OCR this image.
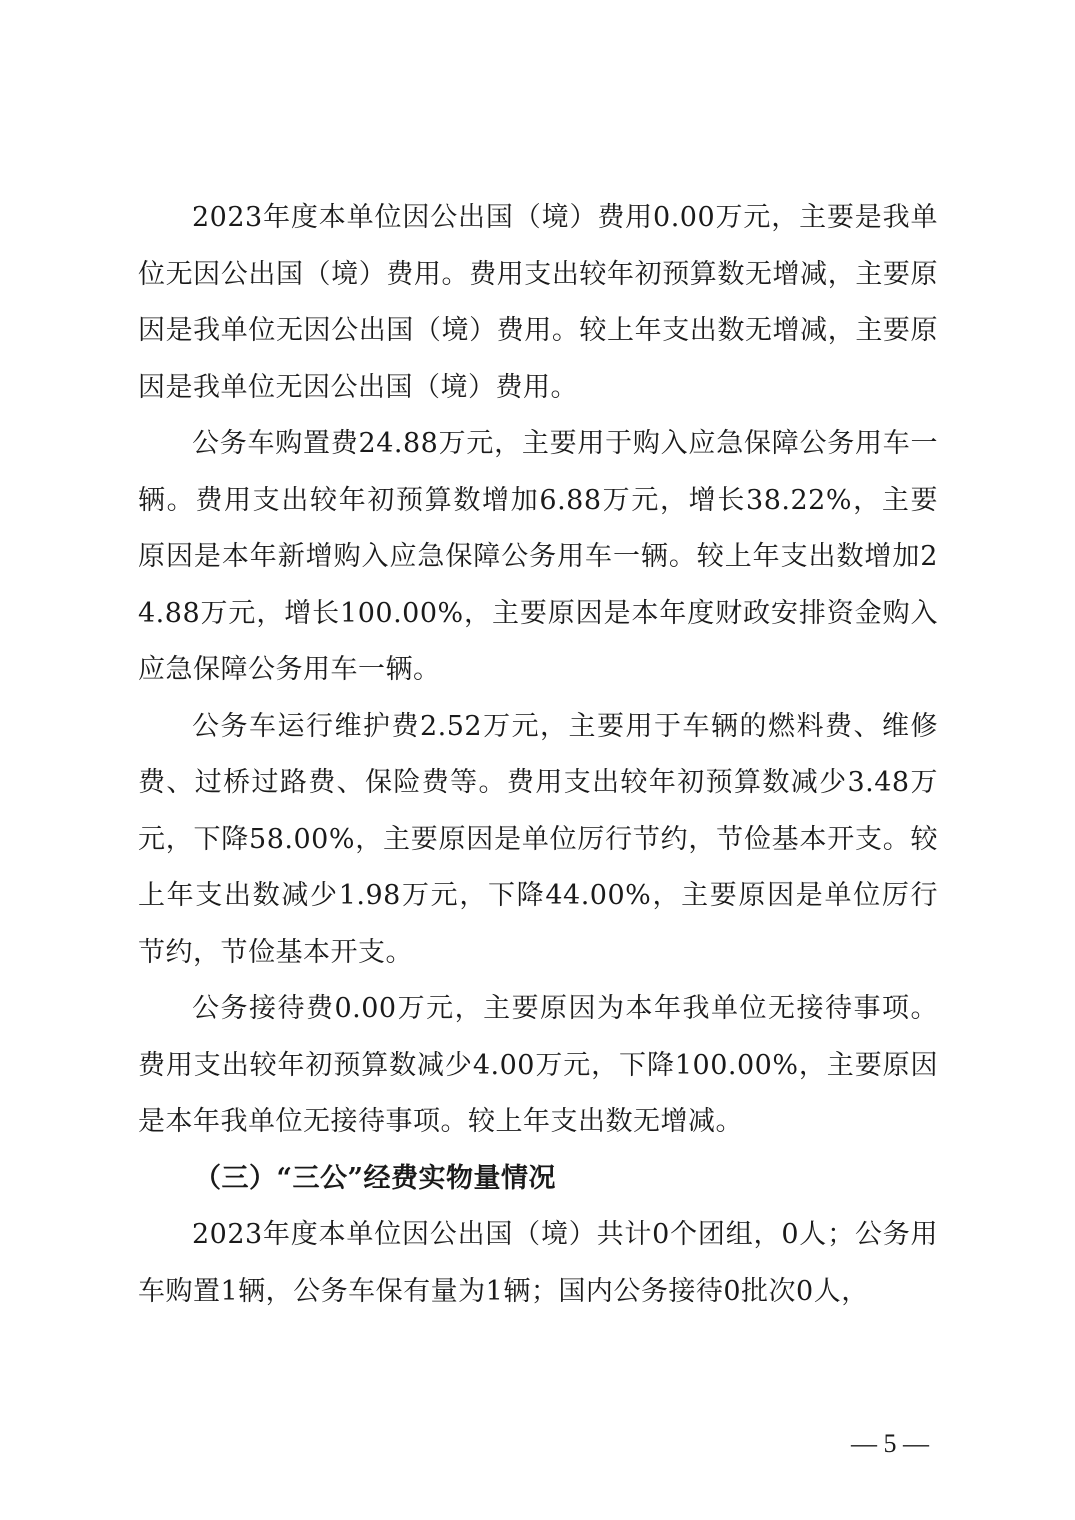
2023年度本单位因公出国（境）费用0.00万元，主要是我单位无因公出国（境）费用。费用支出较年初预算数无增减，主要原因是我单位无因公出国（境）费用。较上年支出数无增减，主要原因是我单位无因公出国（境）费用。

公务车购置费24.88万元，主要用于购入应急保障公务用车一辆。费用支出较年初预算数增加6.88万元，增长38.22%，主要原因是本年新增购入应急保障公务用车一辆。较上年支出数增加24.88万元，增长100.00%，主要原因是本年度财政安排资金购入应急保障公务用车一辆。

公务车运行维护费2.52万元，主要用于车辆的燃料费、维修费、过桥过路费、保险费等。费用支出较年初预算数减少3.48万元，下降58.00%，主要原因是单位厉行节约，节俭基本开支。较上年支出数减少1.98万元，下降44.00%，主要原因是单位厉行节约，节俭基本开支。

公务接待费0.00万元，主要原因为本年我单位无接待事项。费用支出较年初预算数减少4.00万元，下降100.00%，主要原因是本年我单位无接待事项。较上年支出数无增减。

（三）“三公”经费实物量情况

2023年度本单位因公出国（境）共计0个团组，0人；公务用车购置1辆，公务车保有量为1辆；国内公务接待0批次0人，

— 5 —
